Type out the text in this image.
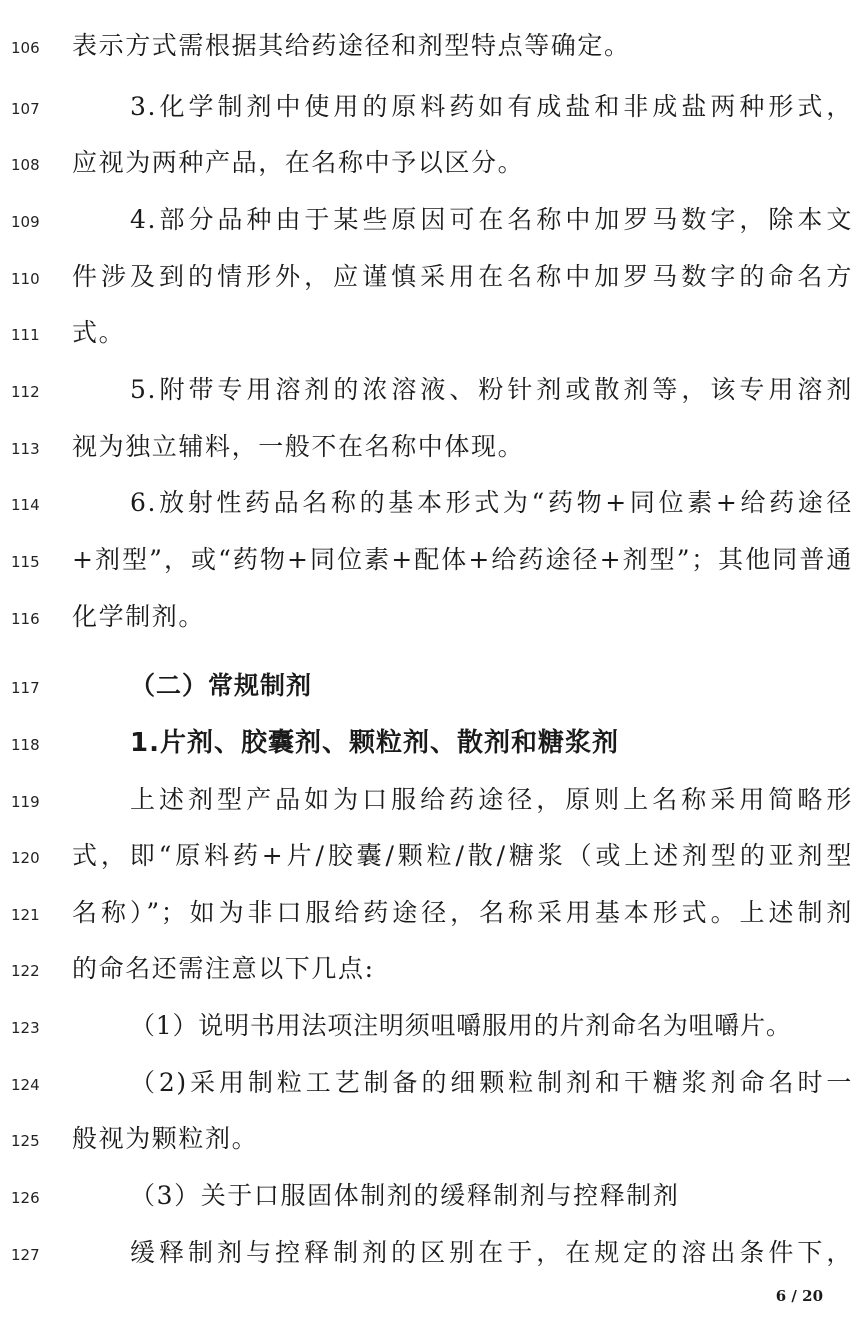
106	表示方式需根据其给药途径和剂型特点等确定。
107	3.化学制剂中使用的原料药如有成盐和非成盐两种形式，
108	应视为两种产品，在名称中予以区分。
109	4.部分品种由于某些原因可在名称中加罗马数字，除本文
110	件涉及到的情形外，应谨慎采用在名称中加罗马数字的命名方
111	式。
112	5.附带专用溶剂的浓溶液、粉针剂或散剂等，该专用溶剂
113	视为独立辅料，一般不在名称中体现。
114	6.放射性药品名称的基本形式为“药物+同位素+给药途径
115	+剂型”，或“药物+同位素+配体+给药途径+剂型”；其他同普通
116	化学制剂。
117	（二）常规制剂
118	1.片剂、胶囊剂、颗粒剂、散剂和糖浆剂
119	上述剂型产品如为口服给药途径，原则上名称采用简略形
120	式，即“原料药+片/胶囊/颗粒/散/糖浆（或上述剂型的亚剂型
121	名称）”；如为非口服给药途径，名称采用基本形式。上述制剂
122	的命名还需注意以下几点:
123	（1）说明书用法项注明须咀嚼服用的片剂命名为咀嚼片。
124	（2)采用制粒工艺制备的细颗粒制剂和干糖浆剂命名时一
125	般视为颗粒剂。
126	（3）关于口服固体制剂的缓释制剂与控释制剂
127	缓释制剂与控释制剂的区别在于，在规定的溶出条件下，
6 / 20
